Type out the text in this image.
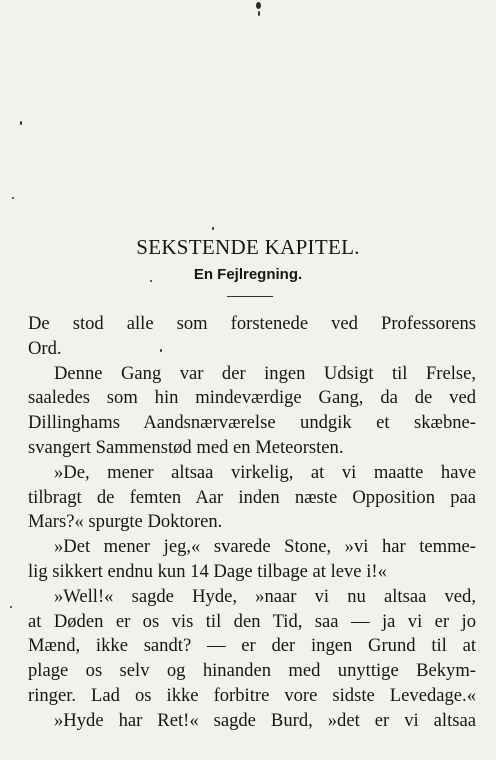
SEKSTENDE KAPITEL.
En Fejlregning.
De stod alle som forstenede ved Professorens
Ord.
Denne Gang var der ingen Udsigt til Frelse,
saaledes som hin mindeværdige Gang, da de ved
Dillinghams Aandsnærværelse undgik et skæbne-
svangert Sammenstød med en Meteorsten.
»De, mener altsaa virkelig, at vi maatte have
tilbragt de femten Aar inden næste Opposition paa
Mars?« spurgte Doktoren.
»Det mener jeg,« svarede Stone, »vi har temme-
lig sikkert endnu kun 14 Dage tilbage at leve i!«
»Well!« sagde Hyde, »naar vi nu altsaa ved,
at Døden er os vis til den Tid, saa — ja vi er jo
Mænd, ikke sandt? — er der ingen Grund til at
plage os selv og hinanden med unyttige Bekym-
ringer. Lad os ikke forbitre vore sidste Levedage.«
»Hyde har Ret!« sagde Burd, »det er vi altsaa
